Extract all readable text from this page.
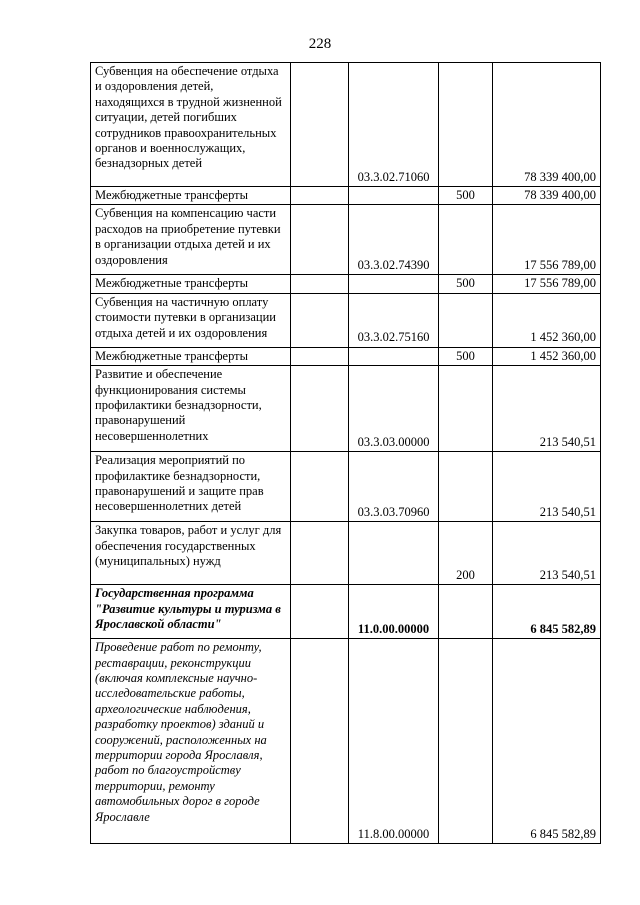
228
Субвенция на обеспечение отдыха и оздоровления детей, находящихся в трудной жизненной ситуации, детей погибших сотрудников правоохранительных органов и военнослужащих, безнадзорных детей		03.3.02.71060		78 339 400,00
Межбюджетные трансферты			500	78 339 400,00
Субвенция на компенсацию части расходов на приобретение путевки в организации отдыха детей и их оздоровления		03.3.02.74390		17 556 789,00
Межбюджетные трансферты			500	17 556 789,00
Субвенция на частичную оплату стоимости путевки в организации отдыха детей и их оздоровления		03.3.02.75160		1 452 360,00
Межбюджетные трансферты			500	1 452 360,00
Развитие и обеспечение функционирования системы профилактики безнадзорности, правонарушений несовершеннолетних		03.3.03.00000		213 540,51
Реализация мероприятий по профилактике безнадзорности, правонарушений и защите прав несовершеннолетних детей		03.3.03.70960		213 540,51
Закупка товаров, работ и услуг для обеспечения государственных (муниципальных) нужд			200	213 540,51
Государственная программа "Развитие культуры и туризма в Ярославской области"		11.0.00.00000		6 845 582,89
Проведение работ по ремонту, реставрации, реконструкции (включая комплексные научно-исследовательские работы, археологические наблюдения, разработку проектов) зданий и сооружений, расположенных на территории города Ярославля, работ по благоустройству территории, ремонту автомобильных дорог в городе Ярославле		11.8.00.00000		6 845 582,89
